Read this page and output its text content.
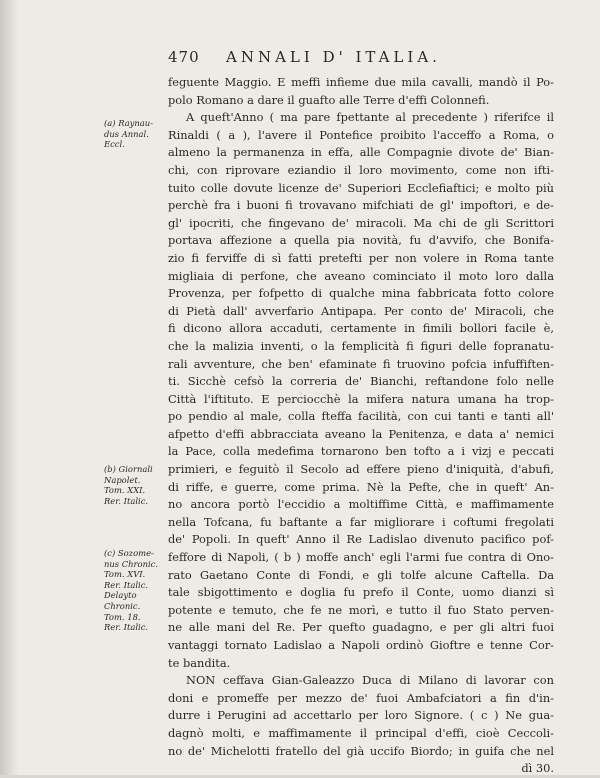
470 ANNALI D' ITALIA.
(a) Raynau-
dus Annal.
Eccl.
(b) Giornali
Napolet.
Tom. XXI.
Rer. Italic.
(c) Sozome-
nus Chronic.
Tom. XVI.
Rer. Italic.
Delayto
Chronic.
Tom. 18.
Rer. Italic.
feguente Maggio. E meffi infieme due mila cavalli, mandò il Po-
polo Romano a dare il guafto alle Terre d'effi Colonnefi.
A queft'Anno ( ma pare fpettante al precedente ) riferifce il
Rinaldi ( a ), l'avere il Pontefice proibito l'acceffo a Roma, o
almeno la permanenza in effa, alle Compagnie divote de' Bian-
chi, con riprovare eziandio il loro movimento, come non ifti-
tuito colle dovute licenze de' Superiori Ecclefiaftici; e molto più
perchè fra i buoni fi trovavano mifchiati de gl' impoftori, e de-
gl' ipocriti, che fingevano de' miracoli. Ma chi de gli Scrittori
portava affezione a quella pia novità, fu d'avvifo, che Bonifa-
zio fi ferviffe di sì fatti pretefti per non volere in Roma tante
migliaia di perfone, che aveano cominciato il moto loro dalla
Provenza, per fofpetto di qualche mina fabbricata fotto colore
di Pietà dall' avverfario Antipapa. Per conto de' Miracoli, che
fi dicono allora accaduti, certamente in fimili bollori facile è,
che la malizia inventi, o la femplicità fi figuri delle fopranatu-
rali avventure, che ben' efaminate fi truovino pofcia infuffiften-
ti. Sicchè cefsò la correria de' Bianchi, reftandone folo nelle
Città l'iftituto. E perciocchè la mifera natura umana ha trop-
po pendio al male, colla fteffa facilità, con cui tanti e tanti all'
afpetto d'effi abbracciata aveano la Penitenza, e data a' nemici
la Pace, colla medefima tornarono ben tofto a i vizj e peccati
primieri, e feguitò il Secolo ad effere pieno d'iniquità, d'abufi,
di riffe, e guerre, come prima. Nè la Pefte, che in queft' An-
no ancora portò l'eccidio a moltiffime Città, e maffimamente
nella Tofcana, fu baftante a far migliorare i coftumi fregolati
de' Popoli. In queft' Anno il Re Ladislao divenuto pacifico pof-
feffore di Napoli, ( b ) moffe anch' egli l'armi fue contra di Ono-
rato Gaetano Conte di Fondi, e gli tolfe alcune Caftella. Da
tale sbigottimento e doglia fu prefo il Conte, uomo dianzi sì
potente e temuto, che fe ne morì, e tutto il fuo Stato perven-
ne alle mani del Re. Per quefto guadagno, e per gli altri fuoi
vantaggi tornato Ladislao a Napoli ordinò Gioftre e tenne Cor-
te bandita.
NON ceffava Gian-Galeazzo Duca di Milano di lavorar con
doni e promeffe per mezzo de' fuoi Ambafciatori a fin d'in-
durre i Perugini ad accettarlo per loro Signore. ( c ) Ne gua-
dagnò molti, e maffimamente il principal d'effi, cioè Ceccoli-
no de' Michelotti fratello del già uccifo Biordo; in guifa che nel
dì 30.
